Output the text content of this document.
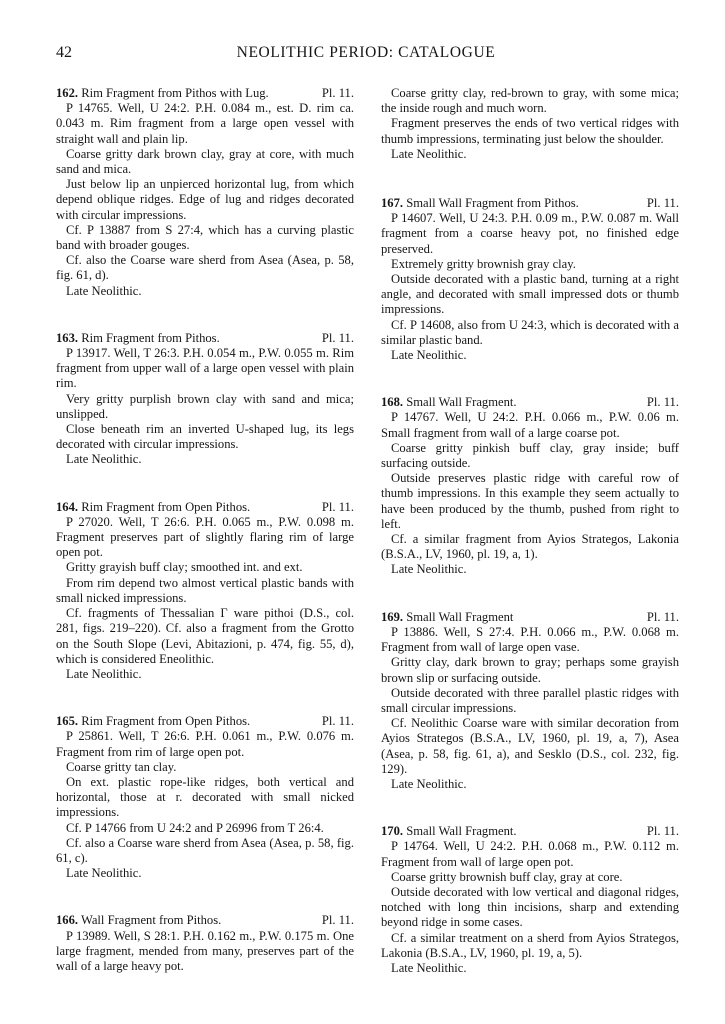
42	NEOLITHIC PERIOD: CATALOGUE
162. Rim Fragment from Pithos with Lug.	Pl. 11.

P 14765. Well, U 24:2. P.H. 0.084 m., est. D. rim ca. 0.043 m. Rim fragment from a large open vessel with straight wall and plain lip.

Coarse gritty dark brown clay, gray at core, with much sand and mica.

Just below lip an unpierced horizontal lug, from which depend oblique ridges. Edge of lug and ridges decorated with circular impressions.

Cf. P 13887 from S 27:4, which has a curving plastic band with broader gouges.

Cf. also the Coarse ware sherd from Asea (Asea, p. 58, fig. 61, d).

Late Neolithic.

163. Rim Fragment from Pithos.	Pl. 11.

P 13917. Well, T 26:3. P.H. 0.054 m., P.W. 0.055 m. Rim fragment from upper wall of a large open vessel with plain rim.

Very gritty purplish brown clay with sand and mica; unslipped.

Close beneath rim an inverted U-shaped lug, its legs decorated with circular impressions.

Late Neolithic.

164. Rim Fragment from Open Pithos.	Pl. 11.

P 27020. Well, T 26:6. P.H. 0.065 m., P.W. 0.098 m. Fragment preserves part of slightly flaring rim of large open pot.

Gritty grayish buff clay; smoothed int. and ext.

From rim depend two almost vertical plastic bands with small nicked impressions.

Cf. fragments of Thessalian Γ ware pithoi (D.S., col. 281, figs. 219–220). Cf. also a fragment from the Grotto on the South Slope (Levi, Abitazioni, p. 474, fig. 55, d), which is considered Eneolithic.

Late Neolithic.

165. Rim Fragment from Open Pithos.	Pl. 11.

P 25861. Well, T 26:6. P.H. 0.061 m., P.W. 0.076 m. Fragment from rim of large open pot.

Coarse gritty tan clay.

On ext. plastic rope-like ridges, both vertical and horizontal, those at r. decorated with small nicked impressions.

Cf. P 14766 from U 24:2 and P 26996 from T 26:4.

Cf. also a Coarse ware sherd from Asea (Asea, p. 58, fig. 61, c).

Late Neolithic.

166. Wall Fragment from Pithos.	Pl. 11.

P 13989. Well, S 28:1. P.H. 0.162 m., P.W. 0.175 m. One large fragment, mended from many, preserves part of the wall of a large heavy pot.

Coarse gritty clay, red-brown to gray, with some mica; the inside rough and much worn.

Fragment preserves the ends of two vertical ridges with thumb impressions, terminating just below the shoulder.

Late Neolithic.

167. Small Wall Fragment from Pithos.	Pl. 11.

P 14607. Well, U 24:3. P.H. 0.09 m., P.W. 0.087 m. Wall fragment from a coarse heavy pot, no finished edge preserved.

Extremely gritty brownish gray clay.

Outside decorated with a plastic band, turning at a right angle, and decorated with small impressed dots or thumb impressions.

Cf. P 14608, also from U 24:3, which is decorated with a similar plastic band.

Late Neolithic.

168. Small Wall Fragment.	Pl. 11.

P 14767. Well, U 24:2. P.H. 0.066 m., P.W. 0.06 m. Small fragment from wall of a large coarse pot.

Coarse gritty pinkish buff clay, gray inside; buff surfacing outside.

Outside preserves plastic ridge with careful row of thumb impressions. In this example they seem actually to have been produced by the thumb, pushed from right to left.

Cf. a similar fragment from Ayios Strategos, Lakonia (B.S.A., LV, 1960, pl. 19, a, 1).

Late Neolithic.

169. Small Wall Fragment	Pl. 11.

P 13886. Well, S 27:4. P.H. 0.066 m., P.W. 0.068 m. Fragment from wall of large open vase.

Gritty clay, dark brown to gray; perhaps some grayish brown slip or surfacing outside.

Outside decorated with three parallel plastic ridges with small circular impressions.

Cf. Neolithic Coarse ware with similar decoration from Ayios Strategos (B.S.A., LV, 1960, pl. 19, a, 7), Asea (Asea, p. 58, fig. 61, a), and Sesklo (D.S., col. 232, fig. 129).

Late Neolithic.

170. Small Wall Fragment.	Pl. 11.

P 14764. Well, U 24:2. P.H. 0.068 m., P.W. 0.112 m. Fragment from wall of large open pot.

Coarse gritty brownish buff clay, gray at core.

Outside decorated with low vertical and diagonal ridges, notched with long thin incisions, sharp and extending beyond ridge in some cases.

Cf. a similar treatment on a sherd from Ayios Strategos, Lakonia (B.S.A., LV, 1960, pl. 19, a, 5).

Late Neolithic.
